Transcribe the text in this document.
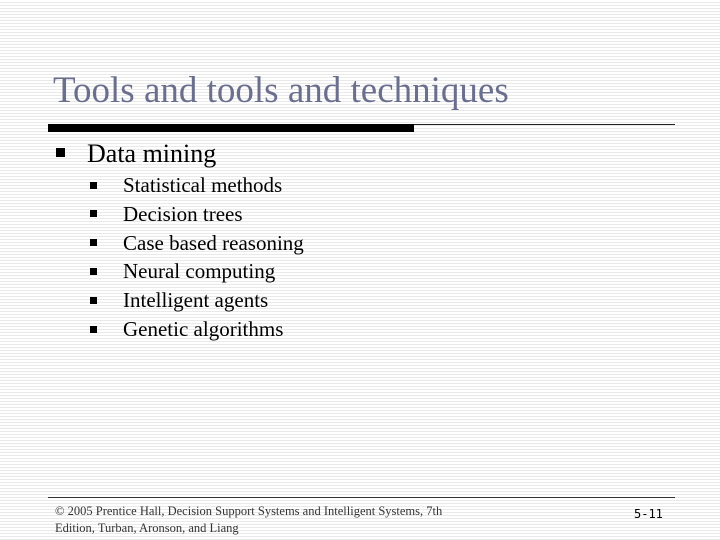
Tools and tools and techniques
Data mining
Statistical methods
Decision trees
Case based reasoning
Neural computing
Intelligent agents
Genetic algorithms
© 2005 Prentice Hall, Decision Support Systems and Intelligent Systems, 7th Edition, Turban, Aronson, and Liang
5-11
